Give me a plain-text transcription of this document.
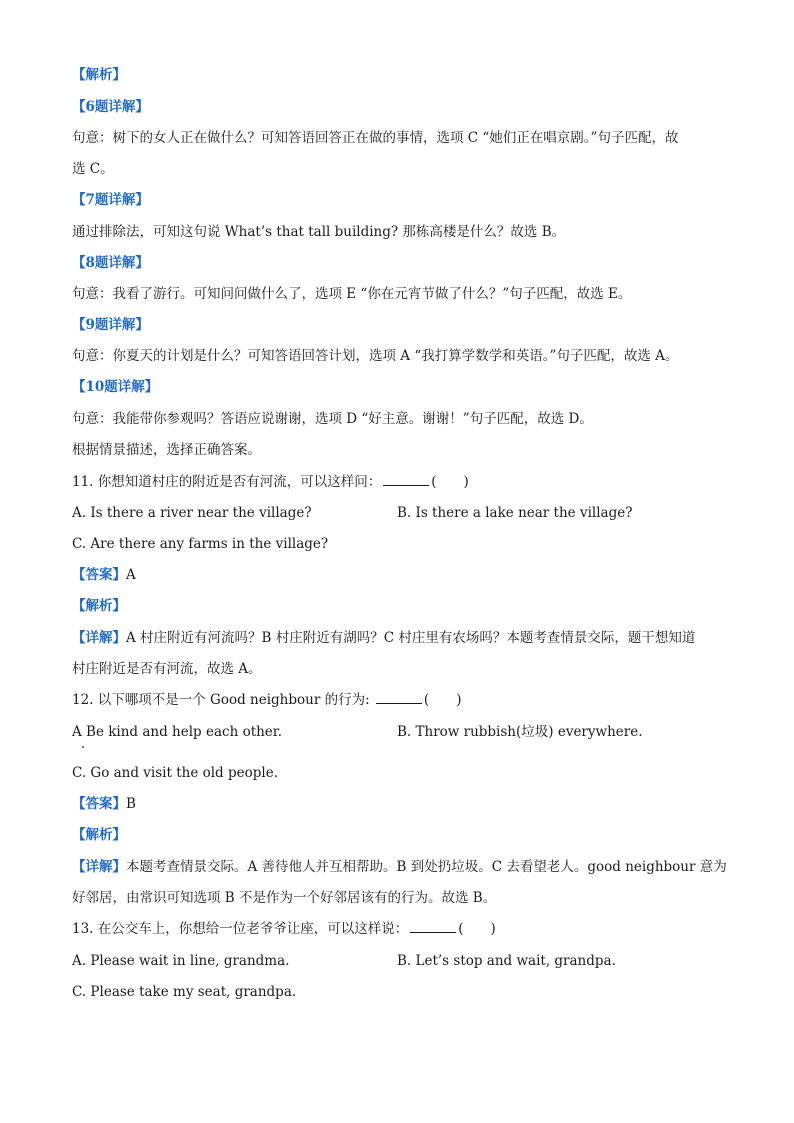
【解析】
【6题详解】
句意：树下的女人正在做什么？可知答语回答正在做的事情，选项 C “她们正在唱京剧。”句子匹配，故
选 C。
【7题详解】
通过排除法，可知这句说 What’s that tall building? 那栋高楼是什么？故选 B。
【8题详解】
句意：我看了游行。可知问问做什么了，选项 E “你在元宵节做了什么？”句子匹配，故选 E。
【9题详解】
句意：你夏天的计划是什么？可知答语回答计划，选项 A “我打算学数学和英语。”句子匹配，故选 A。
【10题详解】
句意：我能带你参观吗？答语应说谢谢，选项 D “好主意。谢谢！”句子匹配，故选 D。
根据情景描述，选择正确答案。
11. 你想知道村庄的附近是否有河流，可以这样问：	(　　)
A. Is there a river near the village?	B. Is there a lake near the village?
C. Are there any farms in the village?
【答案】A
【解析】
【详解】A 村庄附近有河流吗？B 村庄附近有湖吗？C 村庄里有农场吗？本题考查情景交际，题干想知道
村庄附近是否有河流，故选 A。
12. 以下哪项不是一个 Good neighbour 的行为:	(　　)
A Be kind and help each other.	B. Throw rubbish(垃圾) everywhere.
C. Go and visit the old people.
【答案】B
【解析】
【详解】本题考查情景交际。A 善待他人并互相帮助。B 到处扔垃圾。C 去看望老人。good neighbour 意为
好邻居，由常识可知选项 B 不是作为一个好邻居该有的行为。故选 B。
13. 在公交车上，你想给一位老爷爷让座，可以这样说：	(　　)
A. Please wait in line, grandma.	B. Let’s stop and wait, grandpa.
C. Please take my seat, grandpa.
